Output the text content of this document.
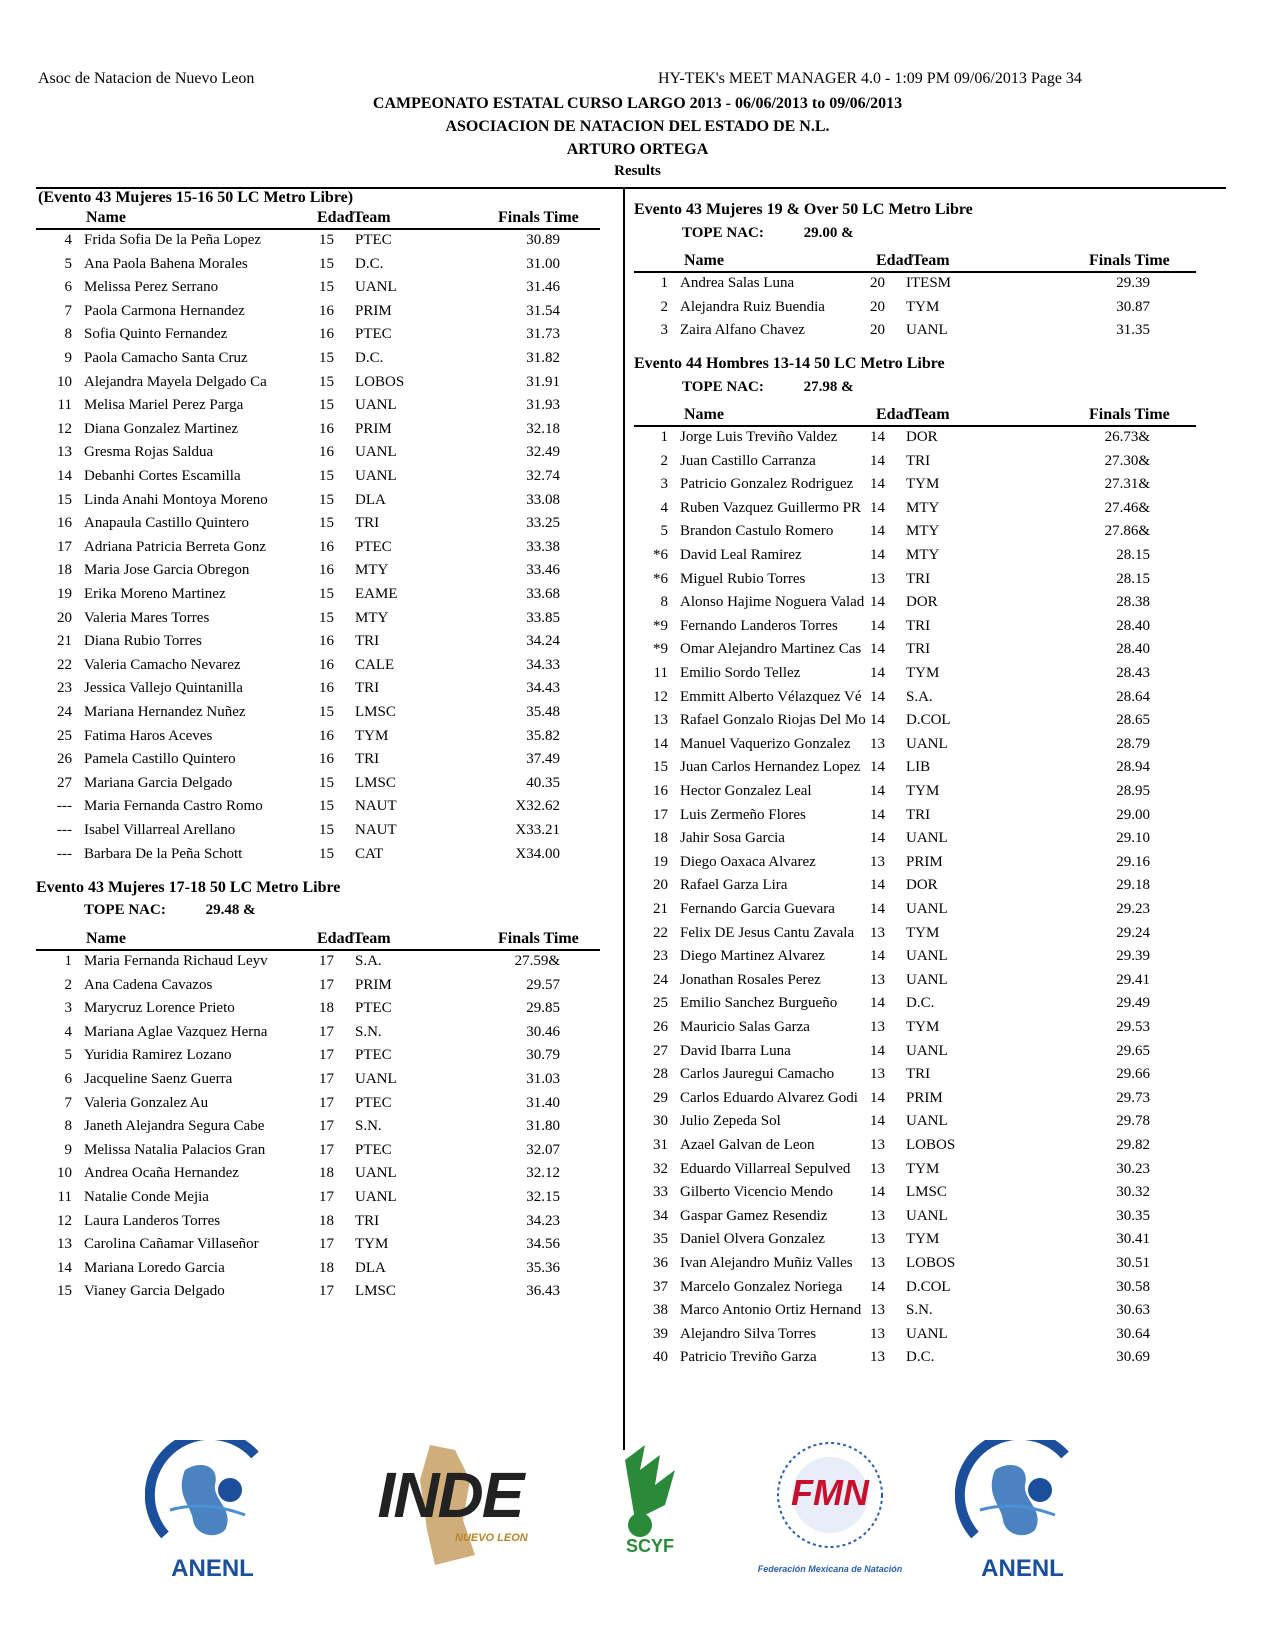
Asoc de Natacion de Nuevo Leon	HY-TEK's MEET MANAGER 4.0 - 1:09 PM 09/06/2013 Page 34
CAMPEONATO ESTATAL CURSO LARGO 2013 - 06/06/2013 to 09/06/2013
ASOCIACION DE NATACION DEL ESTADO DE N.L.
ARTURO ORTEGA
Results
(Evento 43 Mujeres 15-16 50 LC Metro Libre)
Name	Edad Team	Finals Time
4 Frida Sofia De la Peña Lopez	15	PTEC	30.89
5 Ana Paola Bahena Morales	15	D.C.	31.00
6 Melissa Perez Serrano	15	UANL	31.46
7 Paola Carmona Hernandez	16	PRIM	31.54
8 Sofia Quinto Fernandez	16	PTEC	31.73
9 Paola Camacho Santa Cruz	15	D.C.	31.82
10 Alejandra Mayela Delgado Ca	15	LOBOS	31.91
11 Melisa Mariel Perez Parga	15	UANL	31.93
12 Diana Gonzalez Martinez	16	PRIM	32.18
13 Gresma Rojas Saldua	16	UANL	32.49
14 Debanhi Cortes Escamilla	15	UANL	32.74
15 Linda Anahi Montoya Moreno	15	DLA	33.08
16 Anapaula Castillo Quintero	15	TRI	33.25
17 Adriana Patricia Berreta Gonz	16	PTEC	33.38
18 Maria Jose Garcia Obregon	16	MTY	33.46
19 Erika Moreno Martinez	15	EAME	33.68
20 Valeria Mares Torres	15	MTY	33.85
21 Diana Rubio Torres	16	TRI	34.24
22 Valeria Camacho Nevarez	16	CALE	34.33
23 Jessica Vallejo Quintanilla	16	TRI	34.43
24 Mariana Hernandez Nuñez	15	LMSC	35.48
25 Fatima Haros Aceves	16	TYM	35.82
26 Pamela Castillo Quintero	16	TRI	37.49
27 Mariana Garcia Delgado	15	LMSC	40.35
--- Maria Fernanda Castro Romo	15	NAUT	X32.62
--- Isabel Villarreal Arellano	15	NAUT	X33.21
--- Barbara De la Peña Schott	15	CAT	X34.00
Evento 43 Mujeres 17-18 50 LC Metro Libre
TOPE NAC:	29.48 &
Name	Edad Team	Finals Time
1 Maria Fernanda Richaud Leyv	17	S.A.	27.59&
2 Ana Cadena Cavazos	17	PRIM	29.57
3 Marycruz Lorence Prieto	18	PTEC	29.85
4 Mariana Aglae Vazquez Herna	17	S.N.	30.46
5 Yuridia Ramirez Lozano	17	PTEC	30.79
6 Jacqueline Saenz Guerra	17	UANL	31.03
7 Valeria Gonzalez Au	17	PTEC	31.40
8 Janeth Alejandra Segura Cabe	17	S.N.	31.80
9 Melissa Natalia Palacios Gran	17	PTEC	32.07
10 Andrea Ocaña Hernandez	18	UANL	32.12
11 Natalie Conde Mejia	17	UANL	32.15
12 Laura Landeros Torres	18	TRI	34.23
13 Carolina Cañamar Villaseñor	17	TYM	34.56
14 Mariana Loredo Garcia	18	DLA	35.36
15 Vianey Garcia Delgado	17	LMSC	36.43
Evento 43 Mujeres 19 & Over 50 LC Metro Libre
TOPE NAC:	29.00 &
Name	Edad Team	Finals Time
1 Andrea Salas Luna	20	ITESM	29.39
2 Alejandra Ruiz Buendia	20	TYM	30.87
3 Zaira Alfano Chavez	20	UANL	31.35
Evento 44 Hombres 13-14 50 LC Metro Libre
TOPE NAC:	27.98 &
Name	Edad Team	Finals Time
1 Jorge Luis Treviño Valdez	14	DOR	26.73&
2 Juan Castillo Carranza	14	TRI	27.30&
3 Patricio Gonzalez Rodriguez	14	TYM	27.31&
4 Ruben Vazquez Guillermo PR 14	MTY	27.46&
5 Brandon Castulo Romero	14	MTY	27.86&
*6 David Leal Ramirez	14	MTY	28.15
*6 Miguel Rubio Torres	13	TRI	28.15
8 Alonso Hajime Noguera Valad 14	DOR	28.38
*9 Fernando Landeros Torres	14	TRI	28.40
*9 Omar Alejandro Martinez Cas 14	TRI	28.40
11 Emilio Sordo Tellez	14	TYM	28.43
12 Emmitt Alberto Vélazquez Vé 14	S.A.	28.64
13 Rafael Gonzalo Riojas Del Mo 14	D.COL	28.65
14 Manuel Vaquerizo Gonzalez	13	UANL	28.79
15 Juan Carlos Hernandez Lopez 14	LIB	28.94
16 Hector Gonzalez Leal	14	TYM	28.95
17 Luis Zermeño Flores	14	TRI	29.00
18 Jahir Sosa Garcia	14	UANL	29.10
19 Diego Oaxaca Alvarez	13	PRIM	29.16
20 Rafael Garza Lira	14	DOR	29.18
21 Fernando Garcia Guevara	14	UANL	29.23
22 Felix DE Jesus Cantu Zavala	13	TYM	29.24
23 Diego Martinez Alvarez	14	UANL	29.39
24 Jonathan Rosales Perez	13	UANL	29.41
25 Emilio Sanchez Burgueño	14	D.C.	29.49
26 Mauricio Salas Garza	13	TYM	29.53
27 David Ibarra Luna	14	UANL	29.65
28 Carlos Jauregui Camacho	13	TRI	29.66
29 Carlos Eduardo Alvarez Godi 14	PRIM	29.73
30 Julio Zepeda Sol	14	UANL	29.78
31 Azael Galvan de Leon	13	LOBOS	29.82
32 Eduardo Villarreal Sepulved	13	TYM	30.23
33 Gilberto Vicencio Mendo	14	LMSC	30.32
34 Gaspar Gamez Resendiz	13	UANL	30.35
35 Daniel Olvera Gonzalez	13	TYM	30.41
36 Ivan Alejandro Muñiz Valles	13	LOBOS	30.51
37 Marcelo Gonzalez Noriega	14	D.COL	30.58
38 Marco Antonio Ortiz Hernand 13	S.N.	30.63
39 Alejandro Silva Torres	13	UANL	30.64
40 Patricio Treviño Garza	13	D.C.	30.69
ANENL
INDE
NUEVO LEON	SCYF
FMN
Federación Mexicana de Natación	ANENL
